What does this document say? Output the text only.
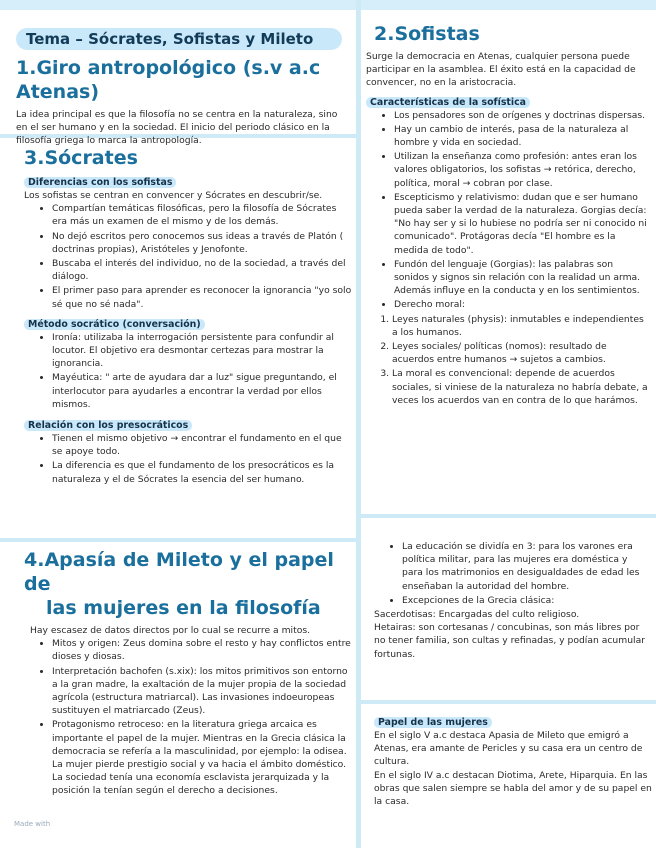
Tema – Sócrates, Sofistas y Mileto
1.Giro antropológico (s.v a.c Atenas)

La idea principal es que la filosofía no se centra en la naturaleza, sino en el ser humano y en la sociedad. El inicio del periodo clásico en la filosofía griega lo marca la antropología.

3.Sócrates
Diferencias con los sofistas

Los sofistas se centran en convencer y Sócrates en descubrir/se.

• Compartían temáticas filosóficas, pero la filosofía de Sócrates era más un examen de el mismo y de los demás.
• No dejó escritos pero conocemos sus ideas a través de Platón ( doctrinas propias), Aristóteles y Jenofonte.
• Buscaba el interés del individuo, no de la sociedad, a través del diálogo.
• El primer paso para aprender es reconocer la ignorancia "yo solo sé que no sé nada".
Método socrático (conversación)
• Ironía: utilizaba la interrogación persistente para confundir al locutor. El objetivo era desmontar certezas para mostrar la ignorancia.
• Mayéutica: " arte de ayudara dar a luz" sigue preguntando, el interlocutor para ayudarles a encontrar la verdad por ellos mismos.
Relación con los presocráticos
• Tienen el mismo objetivo → encontrar el fundamento en el que se apoye todo.
• La diferencia es que el fundamento de los presocráticos es la naturaleza y el de Sócrates la esencia del ser humano.
4.Apasía de Mileto y el papel de
las mujeres en la filosofía

Hay escasez de datos directos por lo cual se recurre a mitos.

• Mitos y origen: Zeus domina sobre el resto y hay conflictos entre dioses y diosas.
• Interpretación bachofen (s.xix): los mitos primitivos son entorno a la gran madre, la exaltación de la mujer propia de la sociedad agrícola (estructura matriarcal). Las invasiones indoeuropeas sustituyen el matriarcado (Zeus).
• Protagonismo retroceso: en la literatura griega arcaica es importante el papel de la mujer. Mientras en la Grecia clásica la democracia se refería a la masculinidad, por ejemplo: la odisea. La mujer pierde prestigio social y va hacia el ámbito doméstico. La sociedad tenía una economía esclavista jerarquizada y la posición la tenían según el derecho a decisiones.
Made with
2.Sofistas

Surge la democracia en Atenas, cualquier persona puede participar en la asamblea. El éxito está en la capacidad de convencer, no en la aristocracia.

Características de la sofística
• Los pensadores son de orígenes y doctrinas dispersas.
• Hay un cambio de interés, pasa de la naturaleza al hombre y vida en sociedad.
• Utilizan la enseñanza como profesión: antes eran los valores obligatorios, los sofistas → retórica, derecho, política, moral → cobran por clase.
• Escepticismo y relativismo: dudan que e ser humano pueda saber la verdad de la naturaleza. Gorgias decía: "No hay ser y si lo hubiese no podría ser ni conocido ni comunicado". Protágoras decía "El hombre es la medida de todo".
• Fundón del lenguaje (Gorgias): las palabras son sonidos y signos sin relación con la realidad un arma. Además influye en la conducta y en los sentimientos.
• Derecho moral:
1. Leyes naturales (physis): inmutables e independientes a los humanos.
2. Leyes sociales/ políticas (nomos): resultado de acuerdos entre humanos → sujetos a cambios.
3. La moral es convencional: depende de acuerdos sociales, si viniese de la naturaleza no habría debate, a veces los acuerdos van en contra de lo que harámos.
• La educación se dividía en 3: para los varones era política militar, para las mujeres era doméstica y para los matrimonios en desigualdades de edad les enseñaban la autoridad del hombre.
• Excepciones de la Grecia clásica:

Sacerdotisas: Encargadas del culto religioso.

Hetairas: son cortesanas / concubinas, son más libres por no tener familia, son cultas y refinadas, y podían acumular fortunas.

Papel de las mujeres

En el siglo V a.c destaca Apasia de Mileto que emigró a Atenas, era amante de Pericles y su casa era un centro de cultura.

En el siglo IV a.c destacan Diotima, Arete, Hiparquia. En las obras que salen siempre se habla del amor y de su papel en la casa.
